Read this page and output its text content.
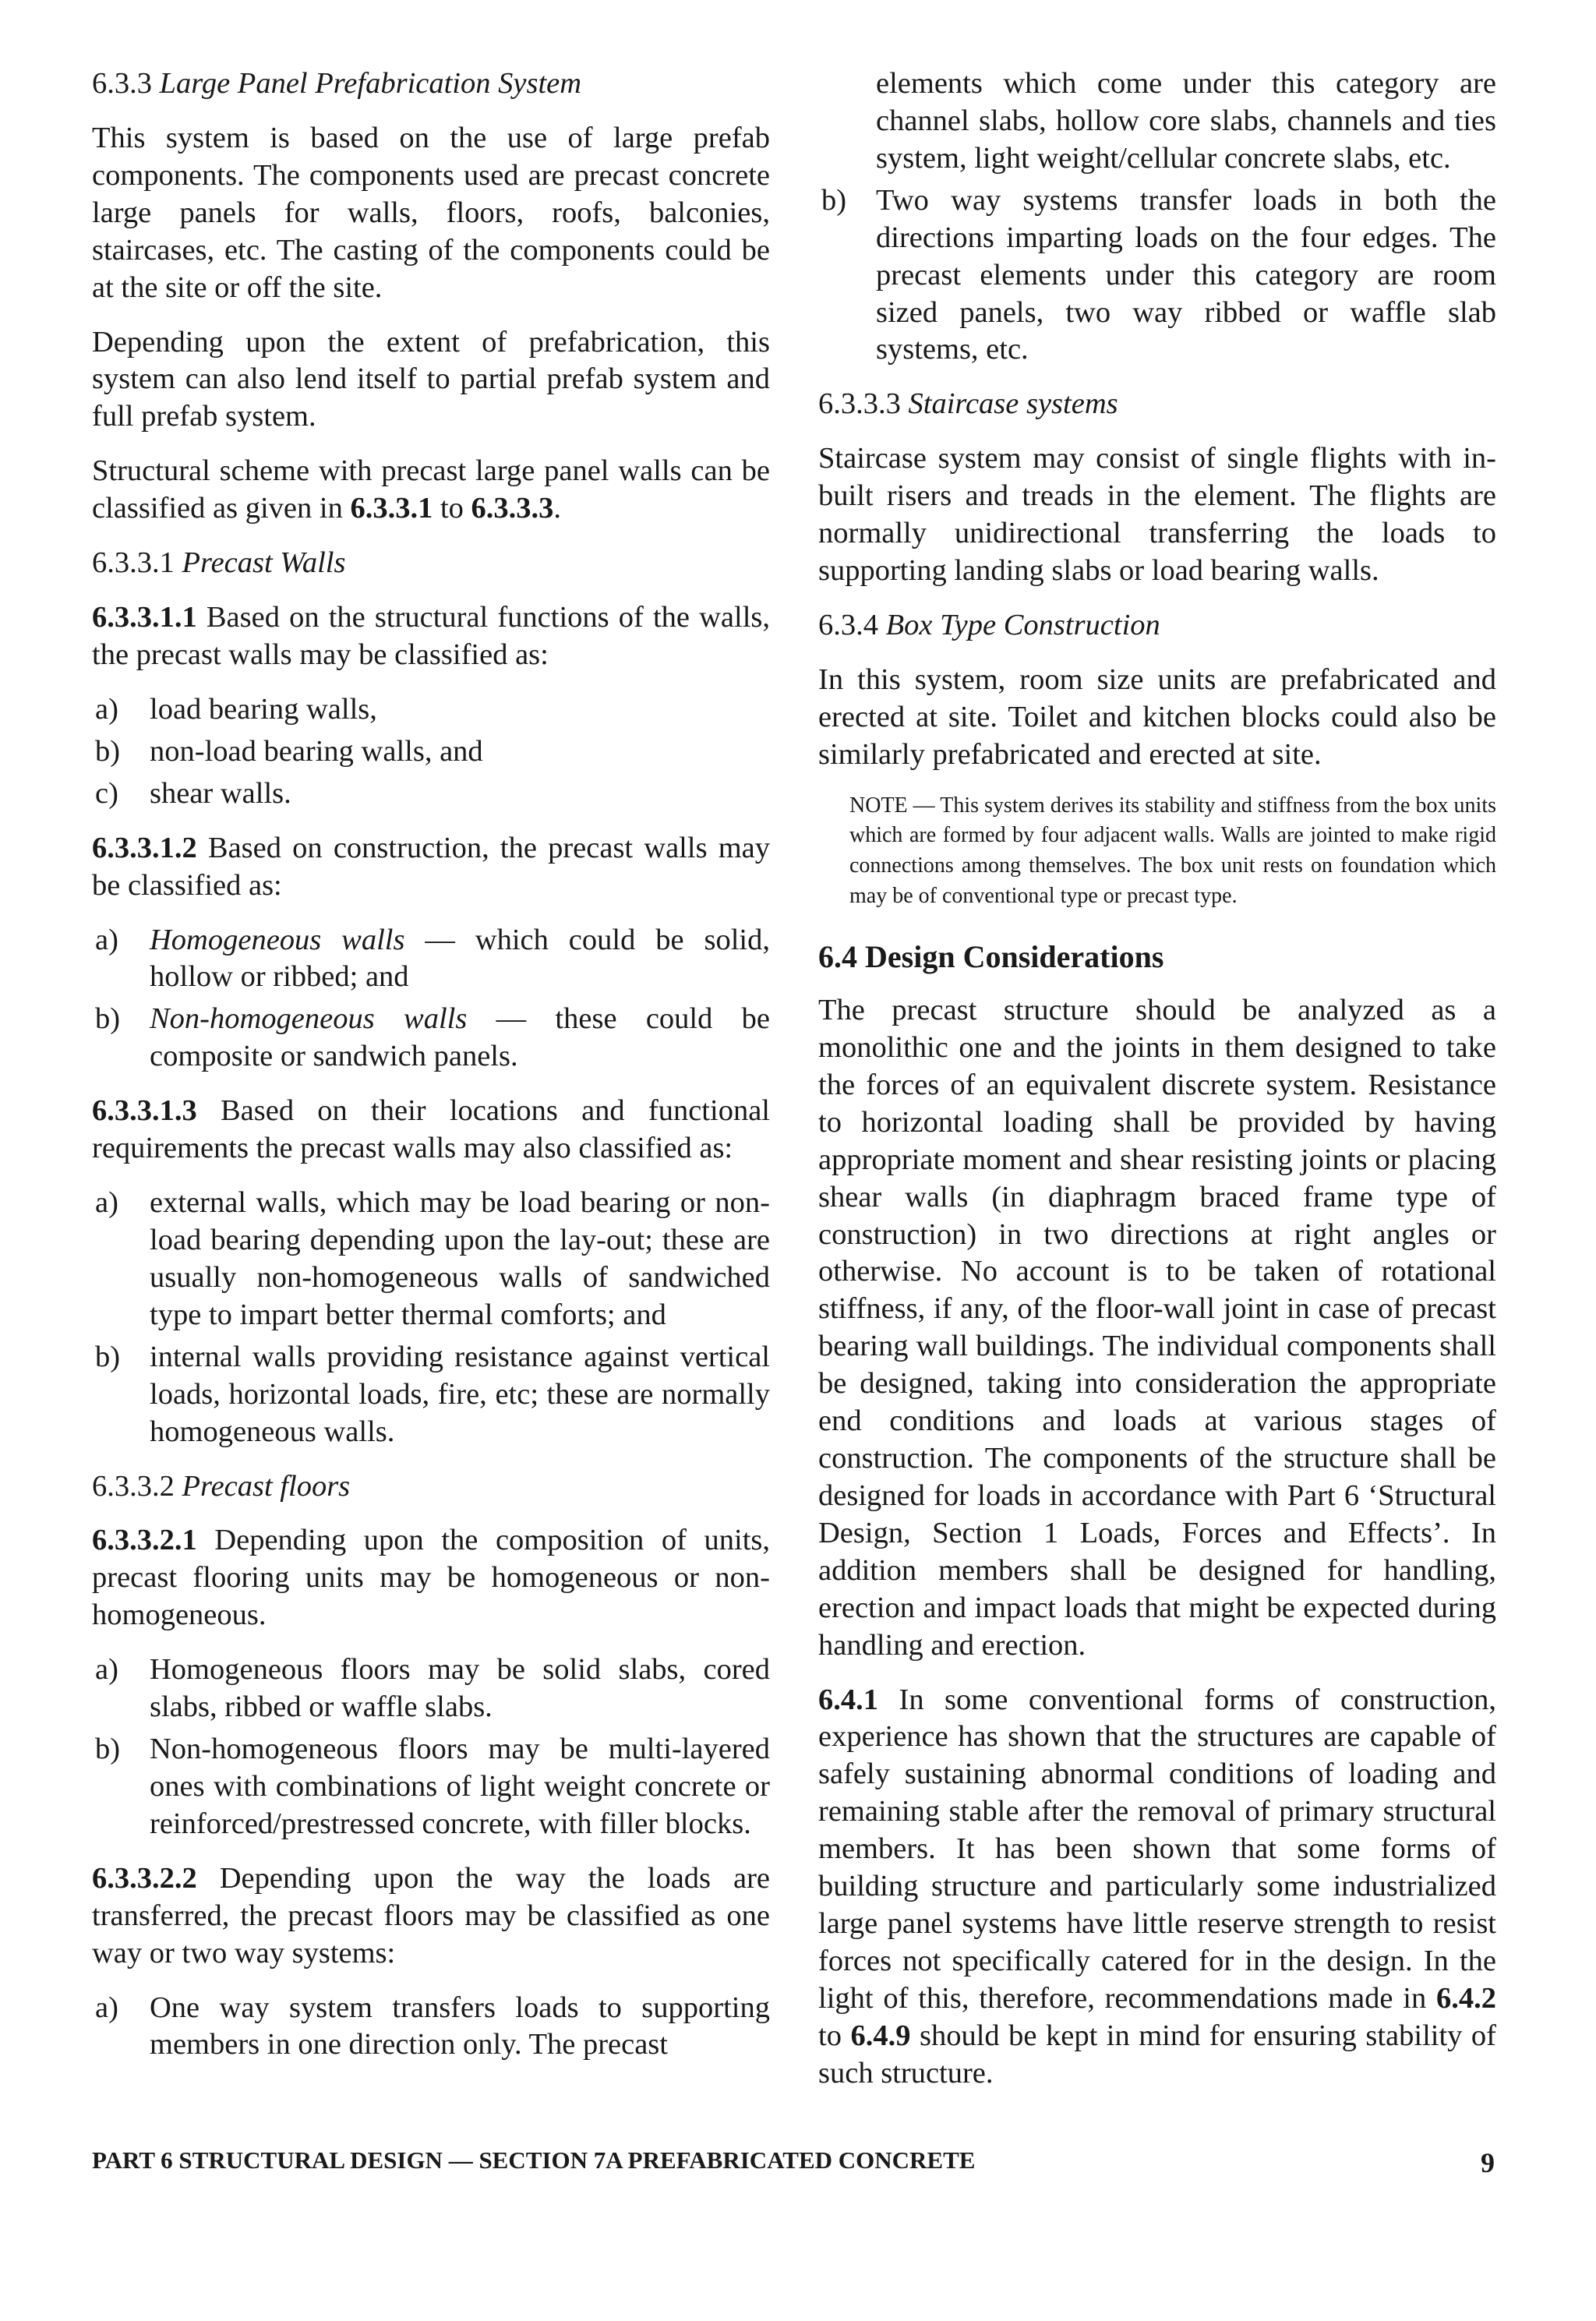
6.3.3 Large Panel Prefabrication System

This system is based on the use of large prefab components. The components used are precast concrete large panels for walls, floors, roofs, balconies, staircases, etc. The casting of the components could be at the site or off the site.

Depending upon the extent of prefabrication, this system can also lend itself to partial prefab system and full prefab system.

Structural scheme with precast large panel walls can be classified as given in 6.3.3.1 to 6.3.3.3.

6.3.3.1 Precast Walls

6.3.3.1.1 Based on the structural functions of the walls, the precast walls may be classified as:

a)	load bearing walls,
b) non-load bearing walls, and
c)	shear walls.

6.3.3.1.2 Based on construction, the precast walls may be classified as:

a)	Homogeneous walls — which could be solid, hollow or ribbed; and
b) Non-homogeneous walls — these could be composite or sandwich panels.

6.3.3.1.3 Based on their locations and functional requirements the precast walls may also classified as:

a)	external walls, which may be load bearing or non-load bearing depending upon the lay-out; these are usually non-homogeneous walls of sandwiched type to impart better thermal comforts; and
b) internal walls providing resistance against vertical loads, horizontal loads, fire, etc; these are normally homogeneous walls.
6.3.3.2 Precast floors

6.3.3.2.1 Depending upon the composition of units, precast flooring units may be homogeneous or non-homogeneous.

a)	Homogeneous floors may be solid slabs, cored slabs, ribbed or waffle slabs.
b) Non-homogeneous floors may be multi-layered ones with combinations of light weight concrete or reinforced/prestressed concrete, with filler blocks.

6.3.3.2.2 Depending upon the way the loads are transferred, the precast floors may be classified as one way or two way systems:

a)	One way system transfers loads to supporting members in one direction only. The precast
elements which come under this category are channel slabs, hollow core slabs, channels and ties system, light weight/cellular concrete slabs, etc.
b) Two way systems transfer loads in both the directions imparting loads on the four edges. The precast elements under this category are room sized panels, two way ribbed or waffle slab systems, etc.
6.3.3.3 Staircase systems

Staircase system may consist of single flights with in-built risers and treads in the element. The flights are normally unidirectional transferring the loads to supporting landing slabs or load bearing walls.

6.3.4 Box Type Construction

In this system, room size units are prefabricated and erected at site. Toilet and kitchen blocks could also be similarly prefabricated and erected at site.

NOTE — This system derives its stability and stiffness from the box units which are formed by four adjacent walls. Walls are jointed to make rigid connections among themselves. The box unit rests on foundation which may be of conventional type or precast type.
6.4 Design Considerations

The precast structure should be analyzed as a monolithic one and the joints in them designed to take the forces of an equivalent discrete system. Resistance to horizontal loading shall be provided by having appropriate moment and shear resisting joints or placing shear walls (in diaphragm braced frame type of construction) in two directions at right angles or otherwise. No account is to be taken of rotational stiffness, if any, of the floor-wall joint in case of precast bearing wall buildings. The individual components shall be designed, taking into consideration the appropriate end conditions and loads at various stages of construction. The components of the structure shall be designed for loads in accordance with Part 6 ‘Structural Design, Section 1 Loads, Forces and Effects’. In addition members shall be designed for handling, erection and impact loads that might be expected during handling and erection.

6.4.1 In some conventional forms of construction, experience has shown that the structures are capable of safely sustaining abnormal conditions of loading and remaining stable after the removal of primary structural members. It has been shown that some forms of building structure and particularly some industrialized large panel systems have little reserve strength to resist forces not specifically catered for in the design. In the light of this, therefore, recommendations made in 6.4.2 to 6.4.9 should be kept in mind for ensuring stability of such structure.

PART 6 STRUCTURAL DESIGN — SECTION 7A PREFABRICATED CONCRETE	9
